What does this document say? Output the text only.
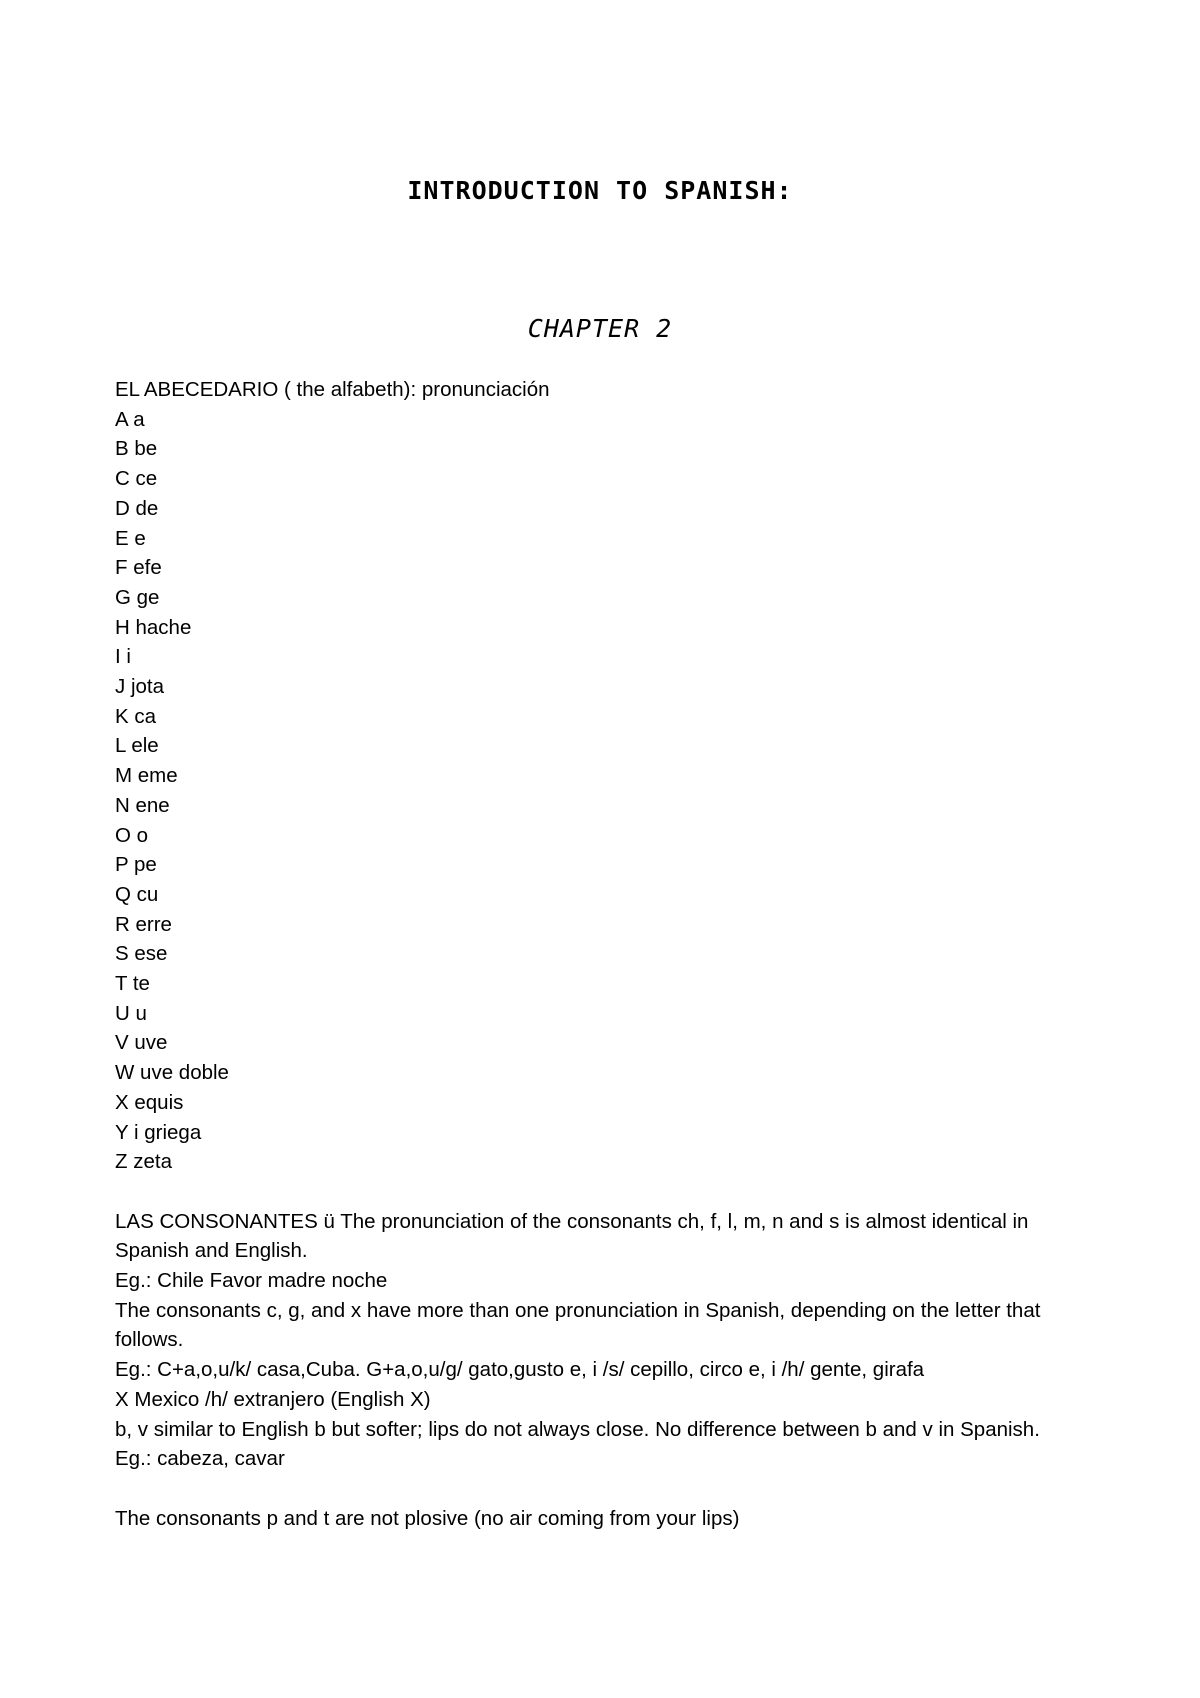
INTRODUCTION TO SPANISH:
CHAPTER 2
EL ABECEDARIO ( the alfabeth): pronunciación
A a
B be
C ce
D de
E e
F efe
G ge
H hache
I i
J jota
K ca
L ele
M eme
N ene
O o
P pe
Q cu
R erre
S ese
T te
U u
V uve
W uve doble
X equis
Y i griega
Z zeta
LAS CONSONANTES ü The pronunciation of the consonants ch, f, l, m, n and s is almost identical in Spanish and English.
Eg.: Chile Favor madre noche
The consonants c, g, and x have more than one pronunciation in Spanish, depending on the letter that follows.
Eg.: C+a,o,u/k/ casa,Cuba. G+a,o,u/g/ gato,gusto e, i /s/ cepillo, circo e, i /h/ gente, girafa
X Mexico /h/ extranjero (English X)
b, v similar to English b but softer; lips do not always close. No difference between b and v in Spanish.
Eg.: cabeza, cavar
The consonants p and t are not plosive (no air coming from your lips)
